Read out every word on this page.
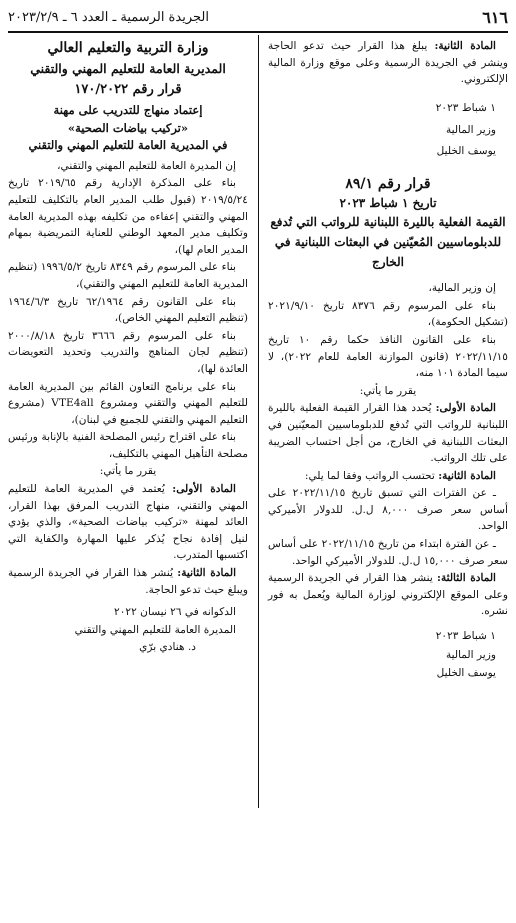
٦١٦
الجريدة الرسمية ـ العدد ٦ ـ ٢٠٢٣/٢/٩

المادة الثانية: يبلغ هذا القرار حيث تدعو الحاجة وينشر في الجريدة الرسمية وعلى موقع وزارة المالية الإلكتروني.

١ شباط ٢٠٢٣

وزير المالية

يوسف الخليل

قرار رقم ٨٩/١

تاريخ ١ شباط ٢٠٢٣

القيمة الفعلية بالليرة اللبنانية للرواتب التي تُدفع للدبلوماسيين المُعيّنين في البعثات اللبنانية في الخارج

إن وزير المالية،

بناء على المرسوم رقم ٨٣٧٦ تاريخ ٢٠٢١/٩/١٠ (تشكيل الحكومة)،

بناء على القانون النافذ حكما رقم ١٠ تاريخ ٢٠٢٢/١١/١٥ (قانون الموازنة العامة للعام ٢٠٢٢)، لا سيما المادة ١٠١ منه،

يقرر ما يأتي:

المادة الأولى: يُحدد هذا القرار القيمة الفعلية بالليرة اللبنانية للرواتب التي تُدفع للدبلوماسيين المعيّنين في البعثات اللبنانية في الخارج، من أجل احتساب الضريبة على تلك الرواتب.

المادة الثانية: تحتسب الرواتب وفقا لما يلي:

ـ عن الفترات التي تسبق تاريخ ٢٠٢٢/١١/١٥ على أساس سعر صرف ٨,٠٠٠ ل.ل. للدولار الأميركي الواحد.

ـ عن الفترة ابتداء من تاريخ ٢٠٢٢/١١/١٥ على أساس سعر صرف ١٥,٠٠٠ ل.ل. للدولار الأميركي الواحد.

المادة الثالثة: ينشر هذا القرار في الجريدة الرسمية وعلى الموقع الإلكتروني لوزارة المالية ويُعمل به فور نشره.

١ شباط ٢٠٢٣

وزير المالية

يوسف الخليل

وزارة التربية والتعليم العالي

المديرية العامة للتعليم المهني والتقني

قرار رقم ١٧٠/٢٠٢٢

إعتماد منهاج للتدريب على مهنة

«تركيب بياضات الصحية»

في المديرية العامة للتعليم المهني والتقني

إن المديرة العامة للتعليم المهني والتقني،

بناء على المذكرة الإدارية رقم ٢٠١٩/٦٥ تاريخ ٢٠١٩/٥/٢٤ (قبول طلب المدير العام بالتكليف للتعليم المهني والتقني إعفاءه من تكليفه بهذه المديرية العامة وتكليف مدير المعهد الوطني للعناية التمريضية بمهام المدير العام لها)،

بناء على المرسوم رقم ٨٣٤٩ تاريخ ١٩٩٦/٥/٢ (تنظيم المديرية العامة للتعليم المهني والتقني)،

بناء على القانون رقم ٦٢/١٩٦٤ تاريخ ١٩٦٤/٦/٣ (تنظيم التعليم المهني الخاص)،

بناء على المرسوم رقم ٣٦٦٦ تاريخ ٢٠٠٠/٨/١٨ (تنظيم لجان المناهج والتدريب وتحديد التعويضات العائدة لها)،

بناء على برنامج التعاون القائم بين المديرية العامة للتعليم المهني والتقني ومشروع VTE4all (مشروع التعليم المهني والتقني للجميع في لبنان)،

بناء على اقتراح رئيس المصلحة الفنية بالإنابة ورئيس مصلحة التأهيل المهني بالتكليف،

يقرر ما يأتي:

المادة الأولى: يُعتمد في المديرية العامة للتعليم المهني والتقني، منهاج التدريب المرفق بهذا القرار، العائد لمهنة «تركيب بياضات الصحية»، والذي يؤدي لنيل إفادة نجاح يُذكر عليها المهارة والكفاية التي اكتسبها المتدرب.

المادة الثانية: يُنشر هذا القرار في الجريدة الرسمية ويبلغ حيث تدعو الحاجة.

الدكوانه في ٢٦ نيسان ٢٠٢٢

المديرة العامة للتعليم المهني والتقني

د. هنادي برّي
